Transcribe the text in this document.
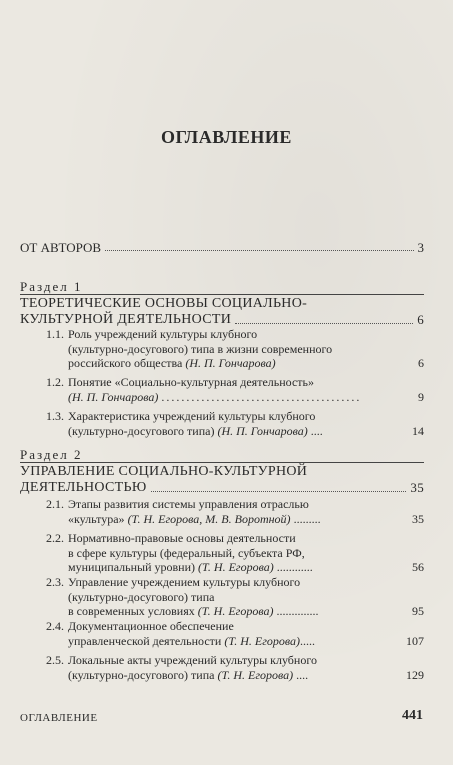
ОГЛАВЛЕНИЕ
ОТ АВТОРОВ	3
Раздел 1
ТЕОРЕТИЧЕСКИЕ ОСНОВЫ СОЦИАЛЬНО-
КУЛЬТУРНОЙ ДЕЯТЕЛЬНОСТИ	6
1.1. Роль учреждений культуры клубного
(культурно-досугового) типа в жизни современного
российского общества (Н. П. Гончарова)	6
1.2. Понятие «Социально-культурная деятельность»
(Н. П. Гончарова) ........................................	9
1.3. Характеристика учреждений культуры клубного
(культурно-досугового типа) (Н. П. Гончарова) ....	14
Раздел 2
УПРАВЛЕНИЕ СОЦИАЛЬНО-КУЛЬТУРНОЙ
ДЕЯТЕЛЬНОСТЬЮ	35
2.1. Этапы развития системы управления отраслью
«культура» (Т. Н. Егорова, М. В. Воротной) .........	35
2.2. Нормативно-правовые основы деятельности
в сфере культуры (федеральный, субъекта РФ,
муниципальный уровни) (Т. Н. Егорова) ............	56
2.3. Управление учреждением культуры клубного
(культурно-досугового) типа
в современных условиях (Т. Н. Егорова) ..............	95
2.4. Документационное обеспечение
управленческой деятельности (Т. Н. Егорова).....	107
2.5. Локальные акты учреждений культуры клубного
(культурно-досугового) типа (Т. Н. Егорова) ....	129
ОГЛАВЛЕНИЕ	441
